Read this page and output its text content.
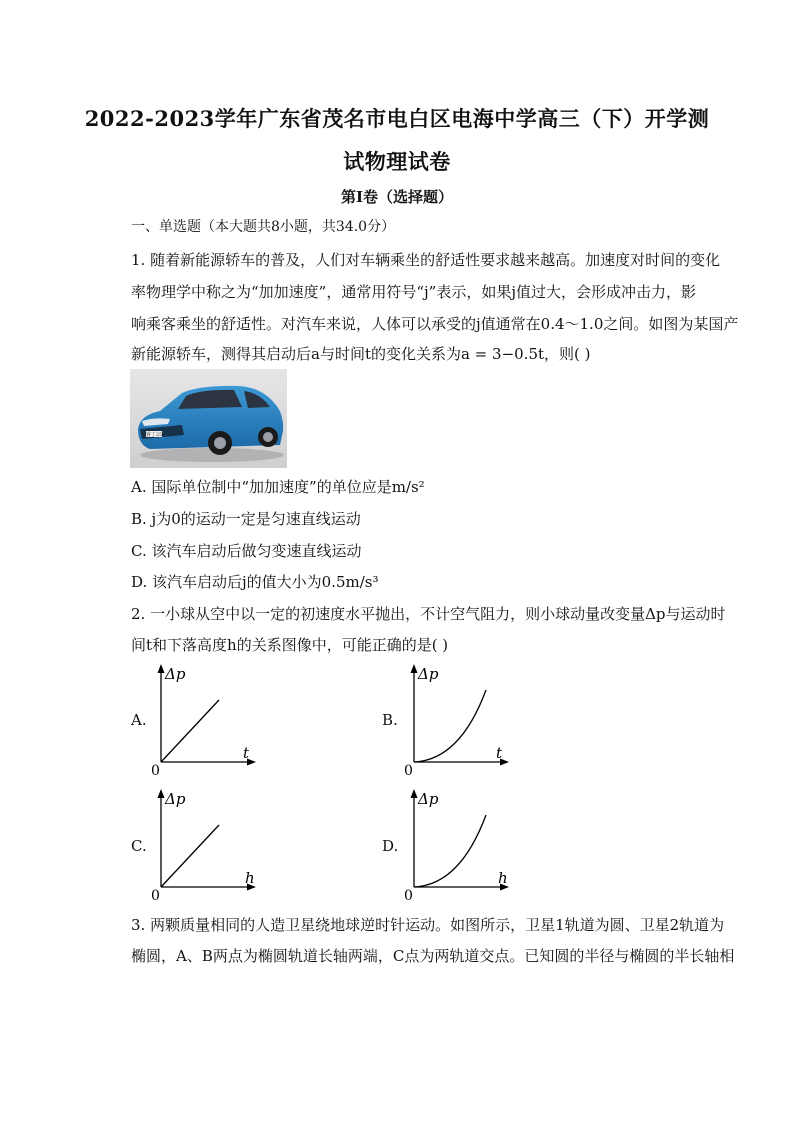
2022-2023学年广东省茂名市电白区电海中学高三（下）开学测
试物理试卷
第Ⅰ卷（选择题）
一、单选题（本大题共8小题，共34.0分）
1. 随着新能源轿车的普及，人们对车辆乘坐的舒适性要求越来越高。加速度对时间的变化
率物理学中称之为“加加速度”，通常用符号“j”表示，如果j值过大，会形成冲击力，影
响乘客乘坐的舒适性。对汽车来说，人体可以承受的j值通常在0.4～1.0之间。如图为某国产
新能源轿车，测得其启动后a与时间t的变化关系为a = 3−0.5t，则( )
睿丁25
A. 国际单位制中“加加速度”的单位应是m/s²
B. j为0的运动一定是匀速直线运动
C. 该汽车启动后做匀变速直线运动
D. 该汽车启动后j的值大小为0.5m/s³
2. 一小球从空中以一定的初速度水平抛出，不计空气阻力，则小球动量改变量Δp与运动时
间t和下落高度h的关系图像中，可能正确的是( )
A.
Δp
t
0
B.
Δp
t
0
C.
Δp
h
0
D.
Δp
h
0
3. 两颗质量相同的人造卫星绕地球逆时针运动。如图所示，卫星1轨道为圆、卫星2轨道为
椭圆，A、B两点为椭圆轨道长轴两端，C点为两轨道交点。已知圆的半径与椭圆的半长轴相
